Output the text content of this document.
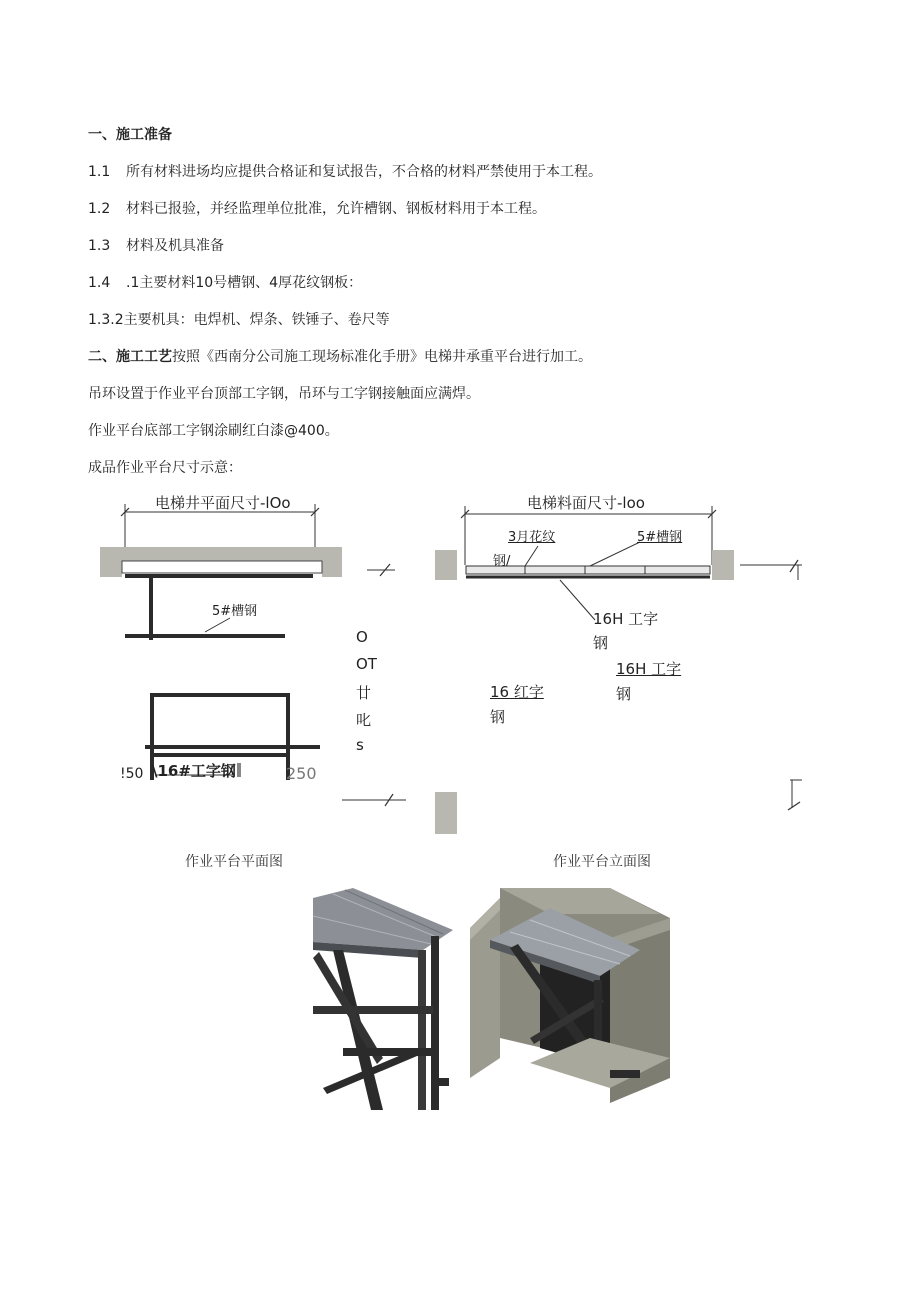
一、施工准备
1.1 所有材料进场均应提供合格证和复试报告，不合格的材料严禁使用于本工程。
1.2 材料已报验，并经监理单位批准，允许槽钢、钢板材料用于本工程。
1.3 材料及机具准备
1.4 .1主要材料10号槽钢、4厚花纹钢板：
1.3.2主要机具：电焊机、焊条、铁锤子、卷尺等
二、施工工艺按照《西南分公司施工现场标准化手册》电梯井承重平台进行加工。
吊环设置于作业平台顶部工字钢，吊环与工字钢接触面应满焊。
作业平台底部工字钢涂刷红白漆@400。
成品作业平台尺寸示意：
电梯井平面尺寸-lOo
5#槽钢
\16#工字钢
!50	250
O
OT
廿
叱
s
电梯料面尺寸-loo
3月花纹
钢/
5#槽钢
16H 工字
钢
16H 工字
钢
16 红字
钢
作业平台平面图	作业平台立面图
